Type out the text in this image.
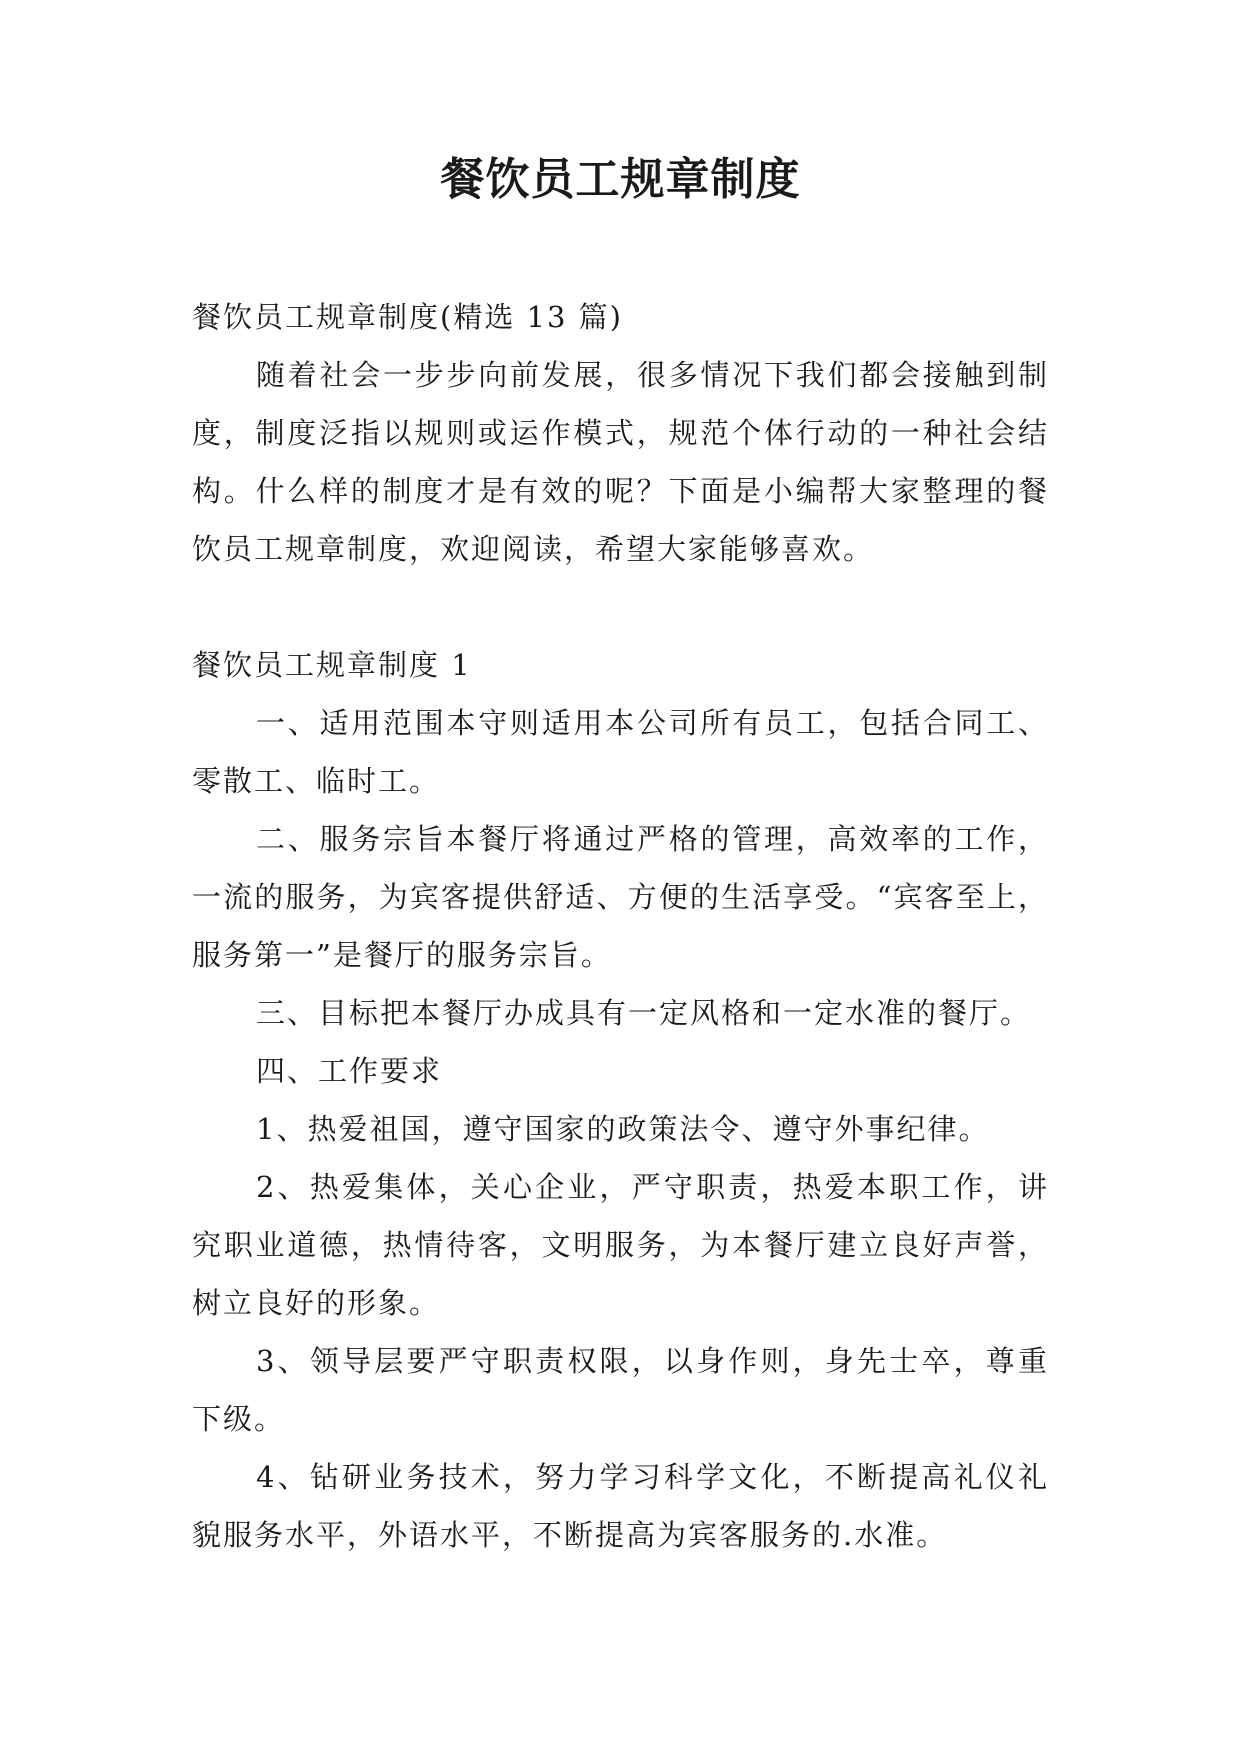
餐饮员工规章制度

餐饮员工规章制度(精选 13 篇)

随着社会一步步向前发展，很多情况下我们都会接触到制度，制度泛指以规则或运作模式，规范个体行动的一种社会结构。什么样的制度才是有效的呢？下面是小编帮大家整理的餐饮员工规章制度，欢迎阅读，希望大家能够喜欢。

餐饮员工规章制度 1

一、适用范围本守则适用本公司所有员工，包括合同工、零散工、临时工。

二、服务宗旨本餐厅将通过严格的管理，高效率的工作，一流的服务，为宾客提供舒适、方便的生活享受。“宾客至上，服务第一”是餐厅的服务宗旨。

三、目标把本餐厅办成具有一定风格和一定水准的餐厅。

四、工作要求

1、热爱祖国，遵守国家的政策法令、遵守外事纪律。

2、热爱集体，关心企业，严守职责，热爱本职工作，讲究职业道德，热情待客，文明服务，为本餐厅建立良好声誉，树立良好的形象。

3、领导层要严守职责权限，以身作则，身先士卒，尊重下级。

4、钻研业务技术，努力学习科学文化，不断提高礼仪礼貌服务水平，外语水平，不断提高为宾客服务的.水准。
